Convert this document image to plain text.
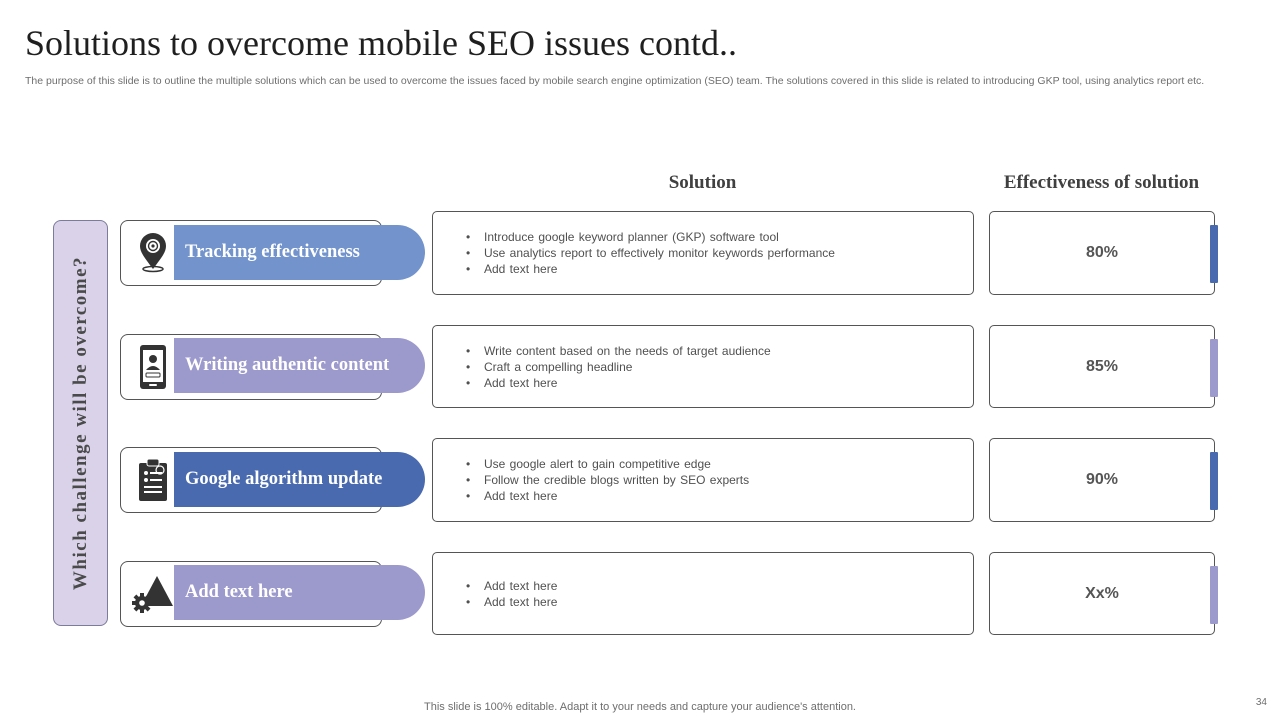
Solutions to overcome mobile SEO issues contd..
The purpose of this slide is to outline the multiple solutions which can be used to overcome the issues faced by mobile search engine optimization (SEO) team. The solutions covered in this slide is related to introducing GKP tool, using analytics report etc.
Solution	Effectiveness of solution
Which challenge will be overcome?
Tracking effectiveness
• Introduce google keyword planner (GKP) software tool
• Use analytics report to effectively monitor keywords performance
• Add text here
80%
Writing authentic content
• Write content based on the needs of target audience
• Craft a compelling headline
• Add text here
85%
Google algorithm update
• Use google alert to gain competitive edge
• Follow the credible blogs written by SEO experts
• Add text here
90%
Add text here
•	Add text here
• Add text here	Xx%
This slide is 100% editable. Adapt it to your needs and capture your audience's attention.	34
